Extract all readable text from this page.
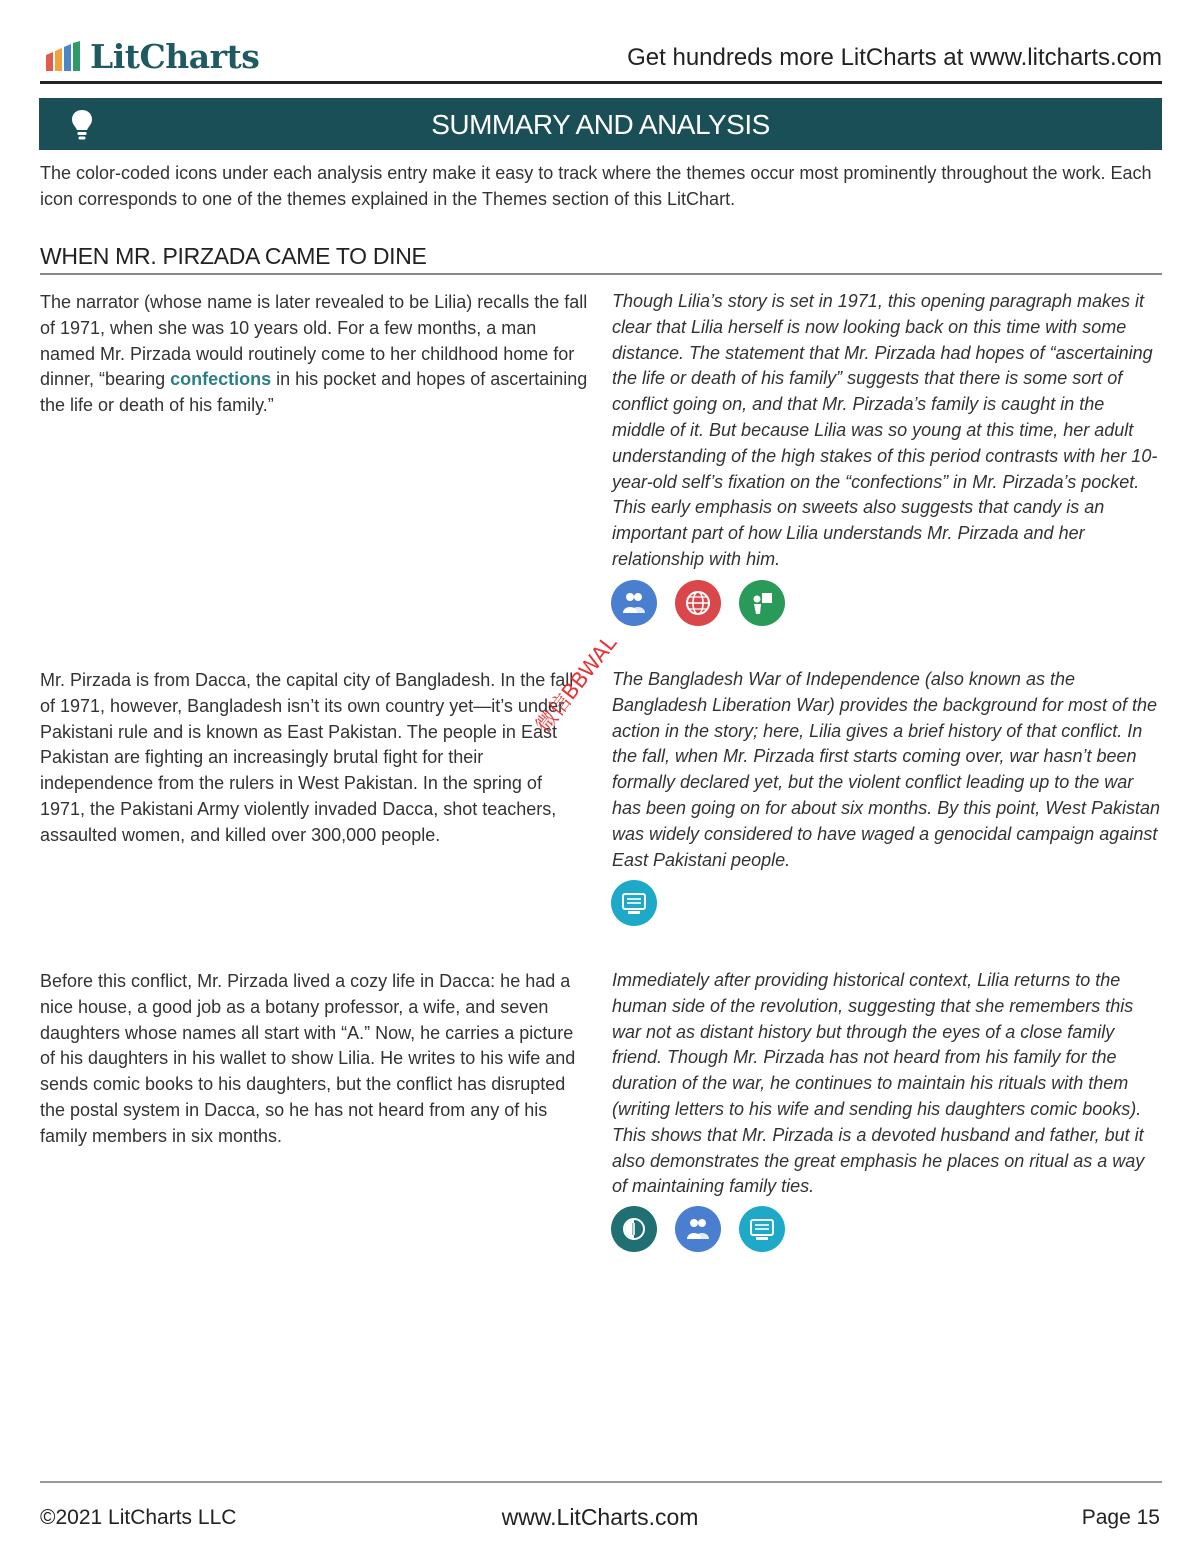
LitCharts	Get hundreds more LitCharts at www.litcharts.com
SUMMARY AND ANALYSIS
The color-coded icons under each analysis entry make it easy to track where the themes occur most prominently throughout the work. Each icon corresponds to one of the themes explained in the Themes section of this LitChart.
WHEN MR. PIRZADA CAME TO DINE
The narrator (whose name is later revealed to be Lilia) recalls the fall of 1971, when she was 10 years old. For a few months, a man named Mr. Pirzada would routinely come to her childhood home for dinner, “bearing confections in his pocket and hopes of ascertaining the life or death of his family.”
Though Lilia’s story is set in 1971, this opening paragraph makes it clear that Lilia herself is now looking back on this time with some distance. The statement that Mr. Pirzada had hopes of “ascertaining the life or death of his family” suggests that there is some sort of conflict going on, and that Mr. Pirzada’s family is caught in the middle of it. But because Lilia was so young at this time, her adult understanding of the high stakes of this period contrasts with her 10-year-old self’s fixation on the “confections” in Mr. Pirzada’s pocket. This early emphasis on sweets also suggests that candy is an important part of how Lilia understands Mr. Pirzada and her relationship with him.
Mr. Pirzada is from Dacca, the capital city of Bangladesh. In the fall of 1971, however, Bangladesh isn’t its own country yet—it’s under Pakistani rule and is known as East Pakistan. The people in East Pakistan are fighting an increasingly brutal fight for their independence from the rulers in West Pakistan. In the spring of 1971, the Pakistani Army violently invaded Dacca, shot teachers, assaulted women, and killed over 300,000 people.
The Bangladesh War of Independence (also known as the Bangladesh Liberation War) provides the background for most of the action in the story; here, Lilia gives a brief history of that conflict. In the fall, when Mr. Pirzada first starts coming over, war hasn’t been formally declared yet, but the violent conflict leading up to the war has been going on for about six months. By this point, West Pakistan was widely considered to have waged a genocidal campaign against East Pakistani people.
Before this conflict, Mr. Pirzada lived a cozy life in Dacca: he had a nice house, a good job as a botany professor, a wife, and seven daughters whose names all start with “A.” Now, he carries a picture of his daughters in his wallet to show Lilia. He writes to his wife and sends comic books to his daughters, but the conflict has disrupted the postal system in Dacca, so he has not heard from any of his family members in six months.
Immediately after providing historical context, Lilia returns to the human side of the revolution, suggesting that she remembers this war not as distant history but through the eyes of a close family friend. Though Mr. Pirzada has not heard from his family for the duration of the war, he continues to maintain his rituals with them (writing letters to his wife and sending his daughters comic books). This shows that Mr. Pirzada is a devoted husband and father, but it also demonstrates the great emphasis he places on ritual as a way of maintaining family ties.
微信BBWAL
©2021 LitCharts LLC	www.LitCharts.com	Page 15
